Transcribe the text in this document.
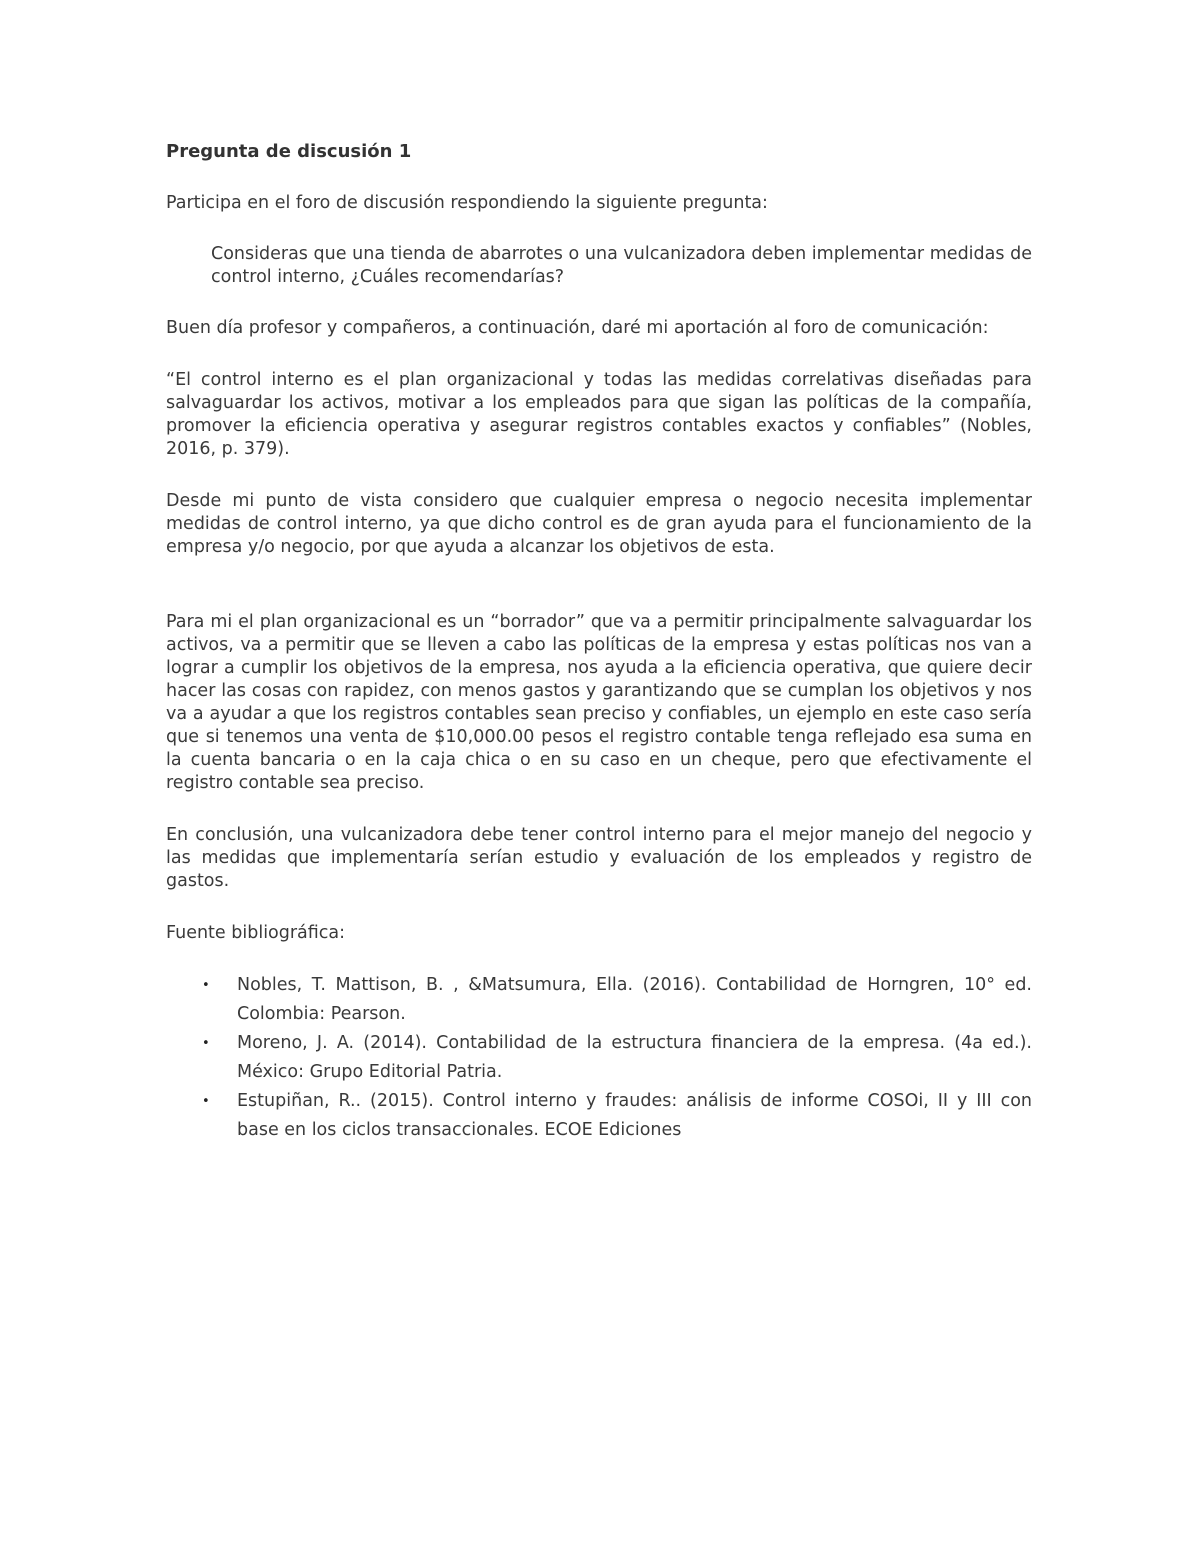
Pregunta de discusión 1

Participa en el foro de discusión respondiendo la siguiente pregunta:

Consideras que una tienda de abarrotes o una vulcanizadora deben implementar medidas de control interno, ¿Cuáles recomendarías?

Buen día profesor y compañeros, a continuación, daré mi aportación al foro de comunicación:

“El control interno es el plan organizacional y todas las medidas correlativas diseñadas para salvaguardar los activos, motivar a los empleados para que sigan las políticas de la compañía, promover la eficiencia operativa y asegurar registros contables exactos y confiables” (Nobles, 2016, p. 379).

Desde mi punto de vista considero que cualquier empresa o negocio necesita implementar medidas de control interno, ya que dicho control es de gran ayuda para el funcionamiento de la empresa y/o negocio, por que ayuda a alcanzar los objetivos de esta.

Para mi el plan organizacional es un “borrador” que va a permitir principalmente salvaguardar los activos, va a permitir que se lleven a cabo las políticas de la empresa y estas políticas nos van a lograr a cumplir los objetivos de la empresa, nos ayuda a la eficiencia operativa, que quiere decir hacer las cosas con rapidez, con menos gastos y garantizando que se cumplan los objetivos y nos va a ayudar a que los registros contables sean preciso y confiables, un ejemplo en este caso sería que si tenemos una venta de $10,000.00 pesos el registro contable tenga reflejado esa suma en la cuenta bancaria o en la caja chica o en su caso en un cheque, pero que efectivamente el registro contable sea preciso.

En conclusión, una vulcanizadora debe tener control interno para el mejor manejo del negocio y las medidas que implementaría serían estudio y evaluación de los empleados y registro de gastos.

Fuente bibliográfica:

• Nobles, T. Mattison, B. , &Matsumura, Ella. (2016). Contabilidad de Horngren, 10° ed. Colombia: Pearson.
• Moreno, J. A. (2014). Contabilidad de la estructura financiera de la empresa. (4a ed.). México: Grupo Editorial Patria.
• Estupiñan, R.. (2015). Control interno y fraudes: análisis de informe COSOi, II y III con base en los ciclos transaccionales. ECOE Ediciones
